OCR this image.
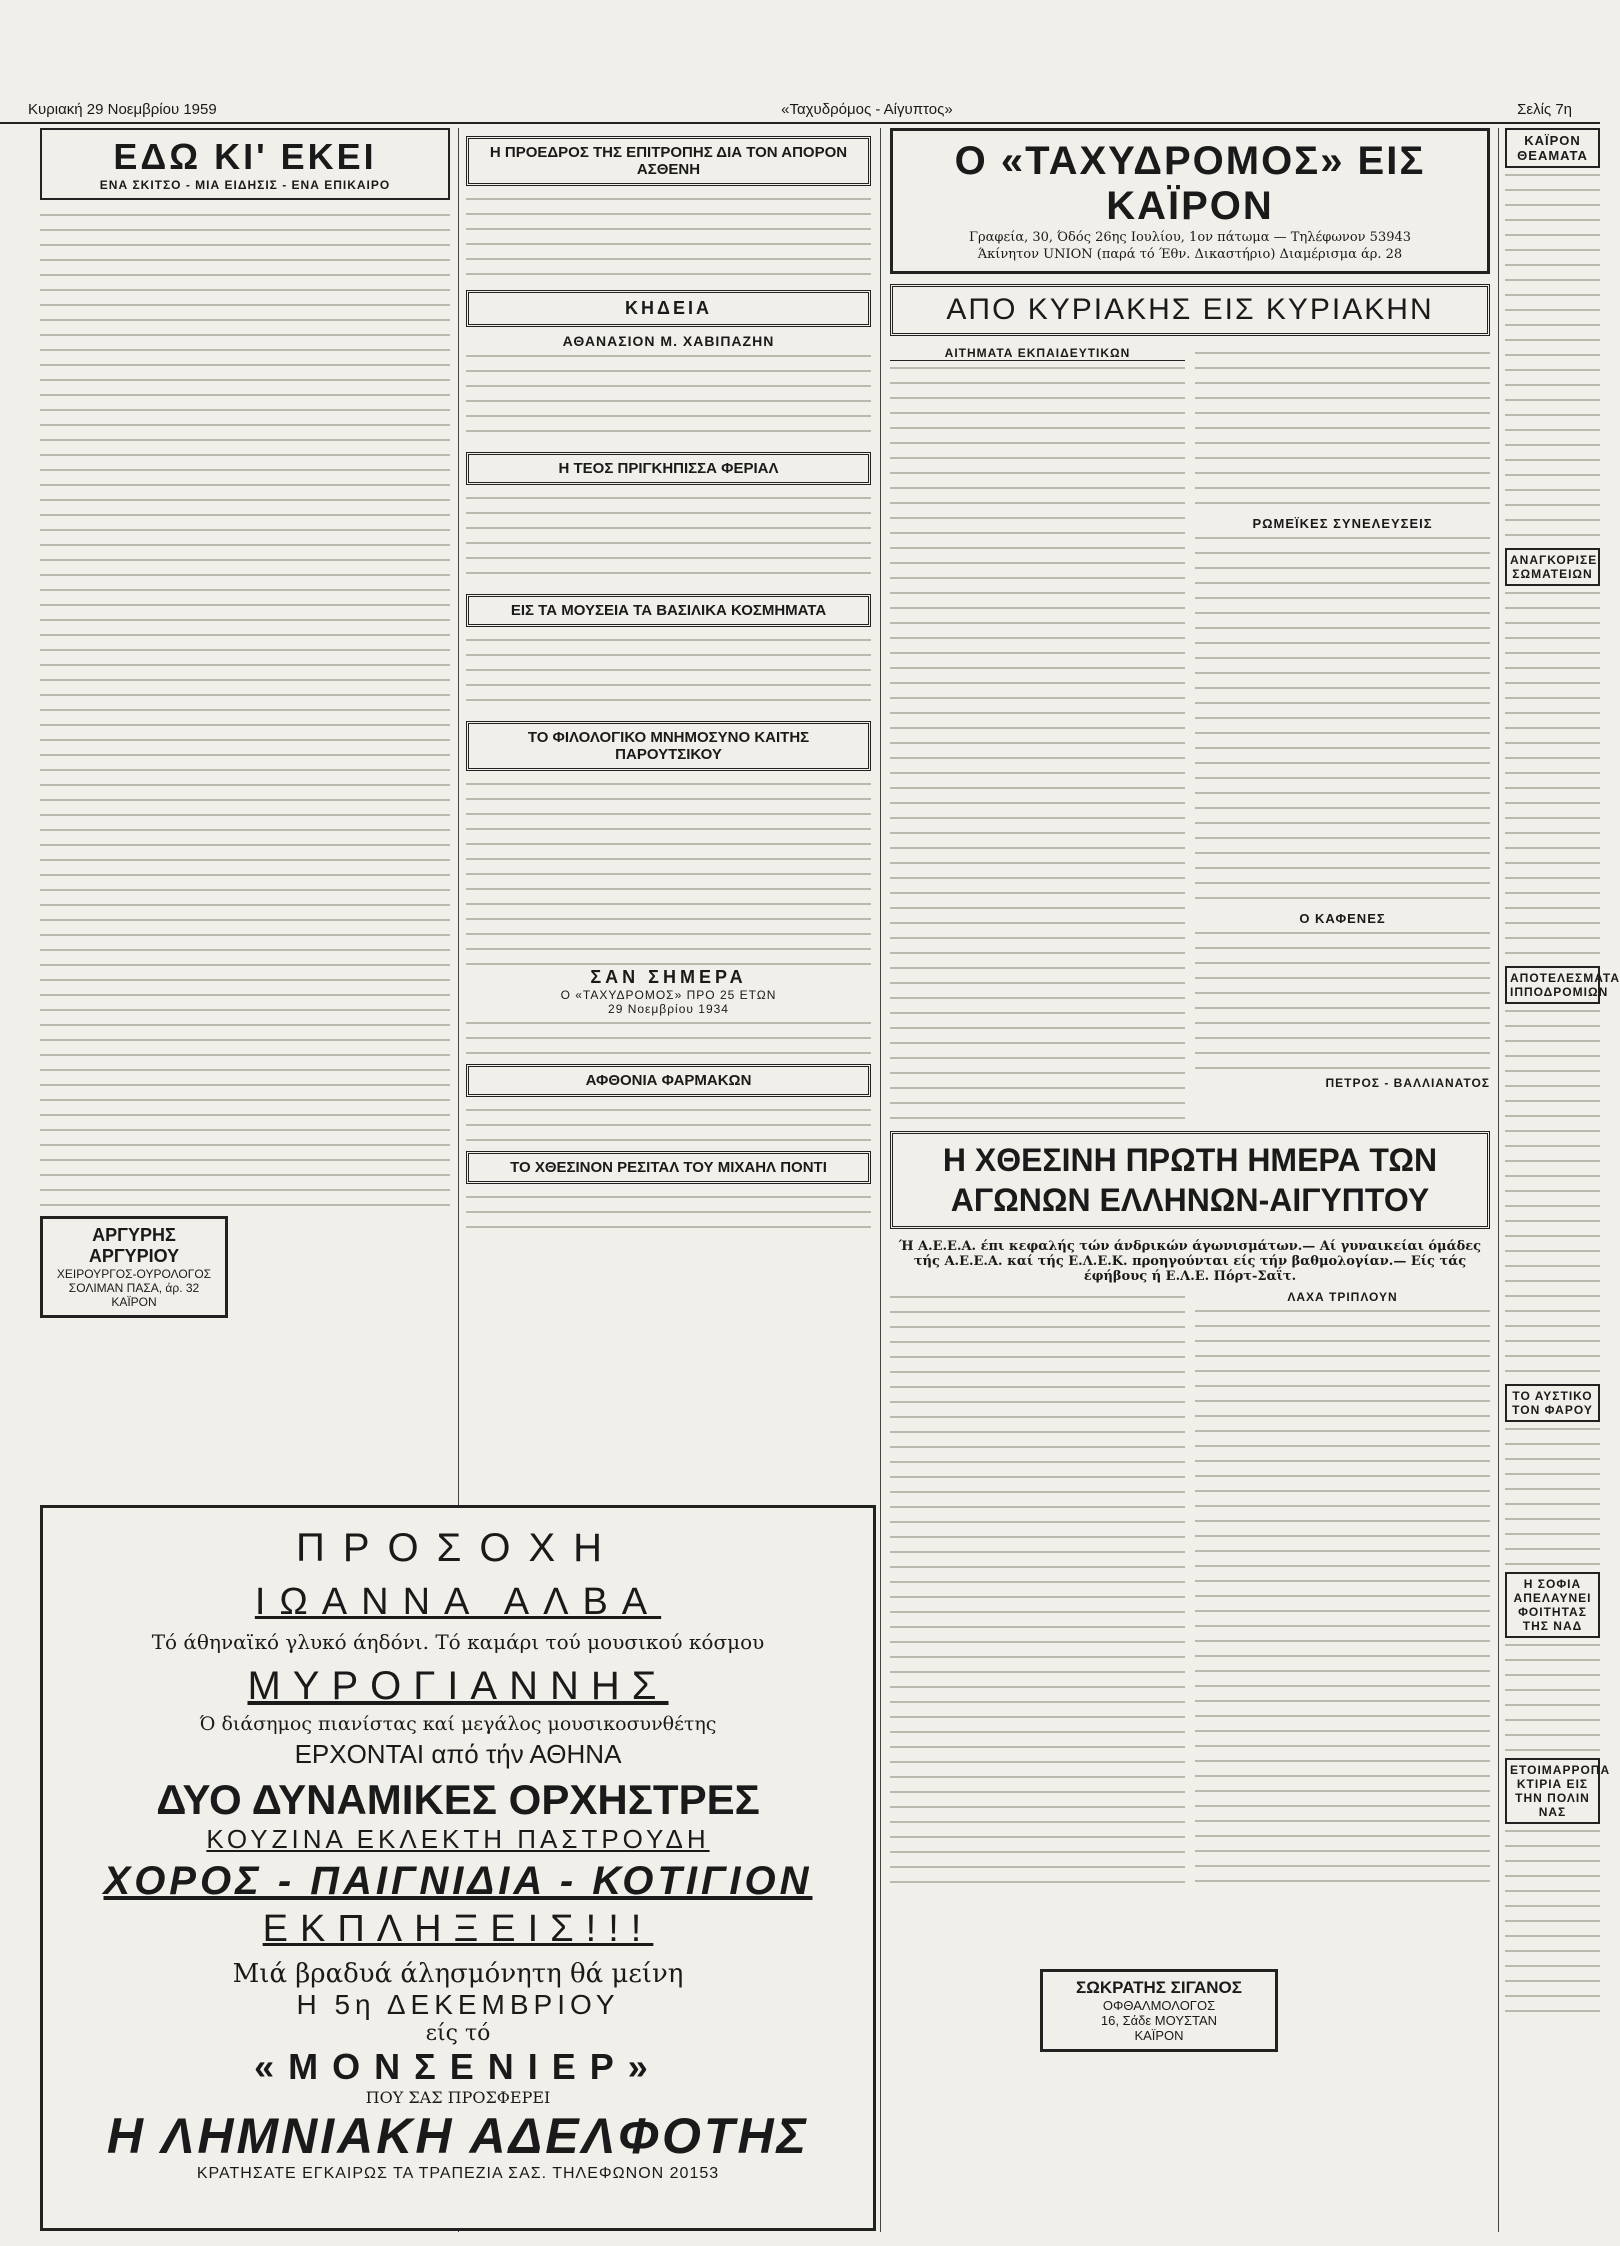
Κυριακή 29 Νοεμβρίου 1959	«Ταχυδρόμος - Αίγυπτος»	Σελίς 7η
ΕΔΩ ΚΙ' ΕΚΕΙ
ΕΝΑ ΣΚΙΤΣΟ - ΜΙΑ ΕΙΔΗΣΙΣ - ΕΝΑ ΕΠΙΚΑΙΡΟ
ΑΡΓΥΡΗΣ ΑΡΓΥΡΙΟΥ
ΧΕΙΡΟΥΡΓΟΣ-ΟΥΡΟΛΟΓΟΣ
ΣΟΛΙΜΑΝ ΠΑΣΑ, άρ. 32
ΚΑΪΡΟΝ
Η ΠΡΟΕΔΡΟΣ ΤΗΣ ΕΠΙΤΡΟΠΗΣ ΔΙΑ ΤΟΝ ΑΠΟΡΟΝ ΑΣΘΕΝΗ
ΚΗΔΕΙΑ
ΑΘΑΝΑΣΙΟΝ Μ. ΧΑΒΙΠΑΖΗΝ
Η ΤΕΟΣ ΠΡΙΓΚΗΠΙΣΣΑ ΦΕΡΙΑΛ
ΕΙΣ ΤΑ ΜΟΥΣΕΙΑ ΤΑ ΒΑΣΙΛΙΚΑ ΚΟΣΜΗΜΑΤΑ
ΤΟ ΦΙΛΟΛΟΓΙΚΟ ΜΝΗΜΟΣΥΝΟ ΚΑΙΤΗΣ ΠΑΡΟΥΤΣΙΚΟΥ
ΣΑΝ ΣΗΜΕΡΑ
Ο «ΤΑΧΥΔΡΟΜΟΣ» ΠΡΟ 25 ΕΤΩΝ
29 Νοεμβρίου 1934
ΑΦΘΟΝΙΑ ΦΑΡΜΑΚΩΝ
ΤΟ ΧΘΕΣΙΝΟΝ ΡΕΣΙΤΑΛ ΤΟΥ ΜΙΧΑΗΛ ΠΟΝΤΙ
Ο «ΤΑΧΥΔΡΟΜΟΣ» ΕΙΣ ΚΑΪΡΟΝ
Γραφεία, 30, Όδός 26ης Ιουλίου, 1ον πάτωμα — Τηλέφωνον 53943
Άκίνητον UNION (παρά τό Έθν. Δικαστήριο) Διαμέρισμα άρ. 28
ΑΠΟ ΚΥΡΙΑΚΗΣ ΕΙΣ ΚΥΡΙΑΚΗΝ
ΑΙΤΗΜΑΤΑ ΕΚΠΑΙΔΕΥΤΙΚΩΝ
ΡΩΜΕΪΚΕΣ ΣΥΝΕΛΕΥΣΕΙΣ
Ο ΚΑΦΕΝΕΣ
ΠΕΤΡΟΣ - ΒΑΛΛΙΑΝΑΤΟΣ
Η ΧΘΕΣΙΝΗ ΠΡΩΤΗ ΗΜΕΡΑ ΤΩΝ ΑΓΩΝΩΝ ΕΛΛΗΝΩΝ-ΑΙΓΥΠΤΟΥ
Ή Α.Ε.Ε.Α. έπι κεφαλής τών άνδρικών άγωνισμάτων.— Αί γυναικείαι όμάδες τής Α.Ε.Ε.Α. καί τής Ε.Λ.Ε.Κ. προηγούνται είς τήν βαθμολογίαν.— Είς τάς έφήβους ή Ε.Λ.Ε. Πόρτ-Σαΐτ.
ΛΑΧΑ ΤΡΙΠΛΟΥΝ
ΣΩΚΡΑΤΗΣ ΣΙΓΑΝΟΣ
ΟΦΘΑΛΜΟΛΟΓΟΣ
16, Σάδε ΜΟΥΣΤΑΝ
ΚΑΪΡΟΝ
ΚΑΪΡΟΝ ΘΕΑΜΑΤΑ
ΑΝΑΓΚΟΡΙΣΕ ΣΩΜΑΤΕΙΩΝ
ΑΠΟΤΕΛΕΣΜΑΤΑ ΙΠΠΟΔΡΟΜΙΩΝ
ΤΟ ΑΥΣΤΙΚΟ ΤΟΝ ΦΑΡΟΥ
Η ΣΟΦΙΑ ΑΠΕΛΑΥΝΕΙ ΦΟΙΤΗΤΑΣ ΤΗΣ ΝΑΔ
ΕΤΟΙΜΑΡΡΟΠΑ ΚΤΙΡΙΑ ΕΙΣ ΤΗΝ ΠΟΛΙΝ ΝΑΣ
ΠΡΟΣΟΧΗ
ΙΩΑΝΝΑ ΑΛΒΑ
Τό άθηναϊκό γλυκό άηδόνι. Τό καμάρι τού μουσικού κόσμου
ΜΥΡΟΓΙΑΝΝΗΣ
Ό διάσημος πιανίστας καί μεγάλος μουσικοσυνθέτης
ΕΡΧΟΝΤΑΙ από τήν ΑΘΗΝΑ
ΔΥΟ ΔΥΝΑΜΙΚΕΣ ΟΡΧΗΣΤΡΕΣ
ΚΟΥΖΙΝΑ ΕΚΛΕΚΤΗ ΠΑΣΤΡΟΥΔΗ
ΧΟΡΟΣ - ΠΑΙΓΝΙΔΙΑ - ΚΟΤΙΓΙΟΝ
ΕΚΠΛΗΞΕΙΣ!!!
Μιά βραδυά άλησμόνητη θά μείνη
Η 5η ΔΕΚΕΜΒΡΙΟΥ
είς τό
«ΜΟΝΣΕΝΙΕΡ»
ΠΟΥ ΣΑΣ ΠΡΟΣΦΕΡΕΙ
Η ΛΗΜΝΙΑΚΗ ΑΔΕΛΦΟΤΗΣ
ΚΡΑΤΗΣΑΤΕ ΕΓΚΑΙΡΩΣ ΤΑ ΤΡΑΠΕΖΙΑ ΣΑΣ. ΤΗΛΕΦΩΝΟΝ 20153
